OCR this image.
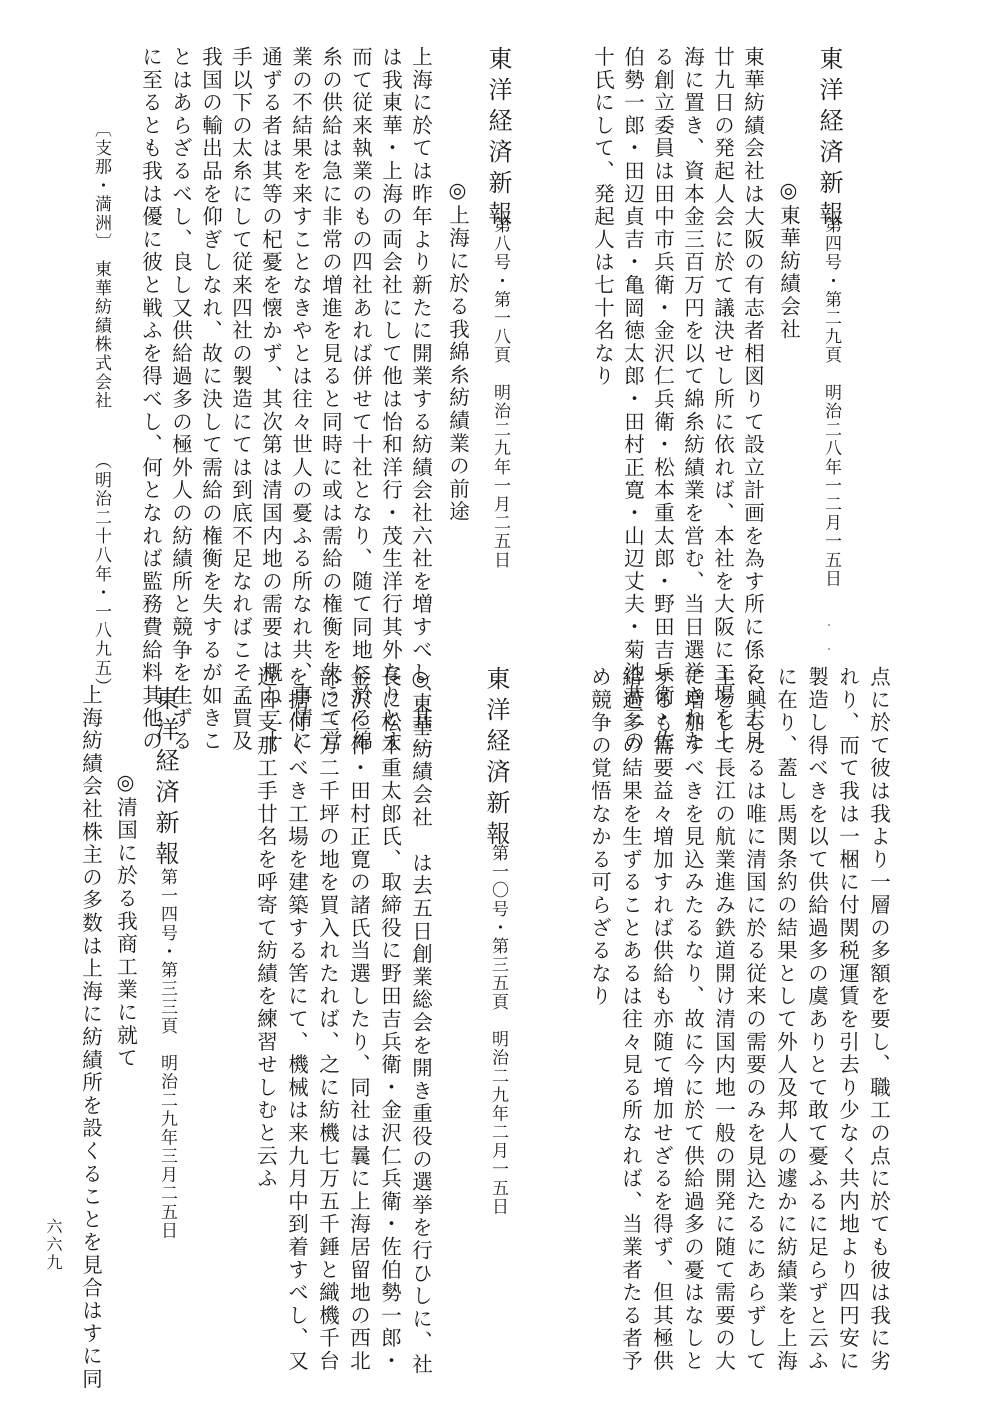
東洋経済新報
第四号・第二九頁　明治二八年一二月一五日
◎東華紡績会社
東華紡績会社は大阪の有志者相図りて設立計画を為す所に係る、去月
廿九日の発起人会に於て議決せし所に依れば、本社を大阪に工場を上
海に置き、資本金三百万円を以て綿糸紡績業を営む、当日選挙された
る創立委員は田中市兵衛・金沢仁兵衛・松本重太郎・野田吉兵衛・佐
伯勢一郎・田辺貞吉・亀岡徳太郎・田村正寛・山辺丈夫・菊池恭三の
十氏にして、発起人は七十名なり
東洋経済新報
第八号・第一八頁　明治二九年一月二五日
◎上海に於る我綿糸紡績業の前途
上海に於ては昨年より新たに開業する紡績会社六社を増すべし、其二
は我東華・上海の両会社にして他は怡和洋行・茂生洋行其外なりとす
而て従来執業のもの四社あれば併せて十社となり、随て同地に於る綿
糸の供給は急に非常の増進を見ると同時に或は需給の権衡を失うて営
業の不結果を来すことなきやとは往々世人の憂ふる所なれ共、事情に
通ずる者は其等の杞憂を懐かず、其次第は清国内地の需要は概ね二十
手以下の太糸にして従来四社の製造にては到底不足なればこそ孟買及
我国の輸出品を仰ぎしなれ、故に決して需給の権衡を失するが如きこ
とはあらざるべし、良し又供給過多の極外人の紡績所と競争を生ずる
に至るとも我は優に彼と戦ふを得べし、何となれば監務費給料其他の
〔支那・満洲〕
東華紡績株式会社
（明治二十八年・一八九五）
点に於て彼は我より一層の多額を要し、職工の点に於ても彼は我に劣
れり、而て我は一梱に付関税運賃を引去り少なく共内地より四円安に
製造し得べきを以て供給過多の虞ありとて敢て憂ふるに足らずと云ふ
に在り、蓋し馬関条約の結果として外人及邦人の遽かに紡績業を上海
に興したるは唯に清国に於る従来の需要のみを見込たるにあらずして
主として長江の航業進み鉄道開け清国内地一般の開発に随て需要の大
に増加すべきを見込みたるなり、故に今に於て供給過多の憂はなしと
するも需要益々増加すれば供給も亦随て増加せざるを得ず、但其極供
給過多の結果を生ずることあるは往々見る所なれば、当業者たる者予
め競争の覚悟なかる可らざるなり
東洋経済新報
第一〇号・第三五頁　明治二九年二月一五日
◎東華紡績会社　は去五日創業総会を開き重役の選挙を行ひしに、社
長に松本重太郎氏、取締役に野田吉兵衛・金沢仁兵衛・佐伯勢一郎・
金沢仁作・田村正寛の諸氏当選したり、同社は曩に上海居留地の西北
部に三万二千坪の地を買入れたれば、之に紡機七万五千錘と織機千台
を据付くべき工場を建築する筈にて、機械は来九月中到着すべし、又
近日支那工手廿名を呼寄て紡績を練習せしむと云ふ
東洋経済新報
第一四号・第三三頁　明治二九年三月二五日
◎清国に於る我商工業に就て
上海紡績会社株主の多数は上海に紡績所を設くることを見合はすに同
六六九
